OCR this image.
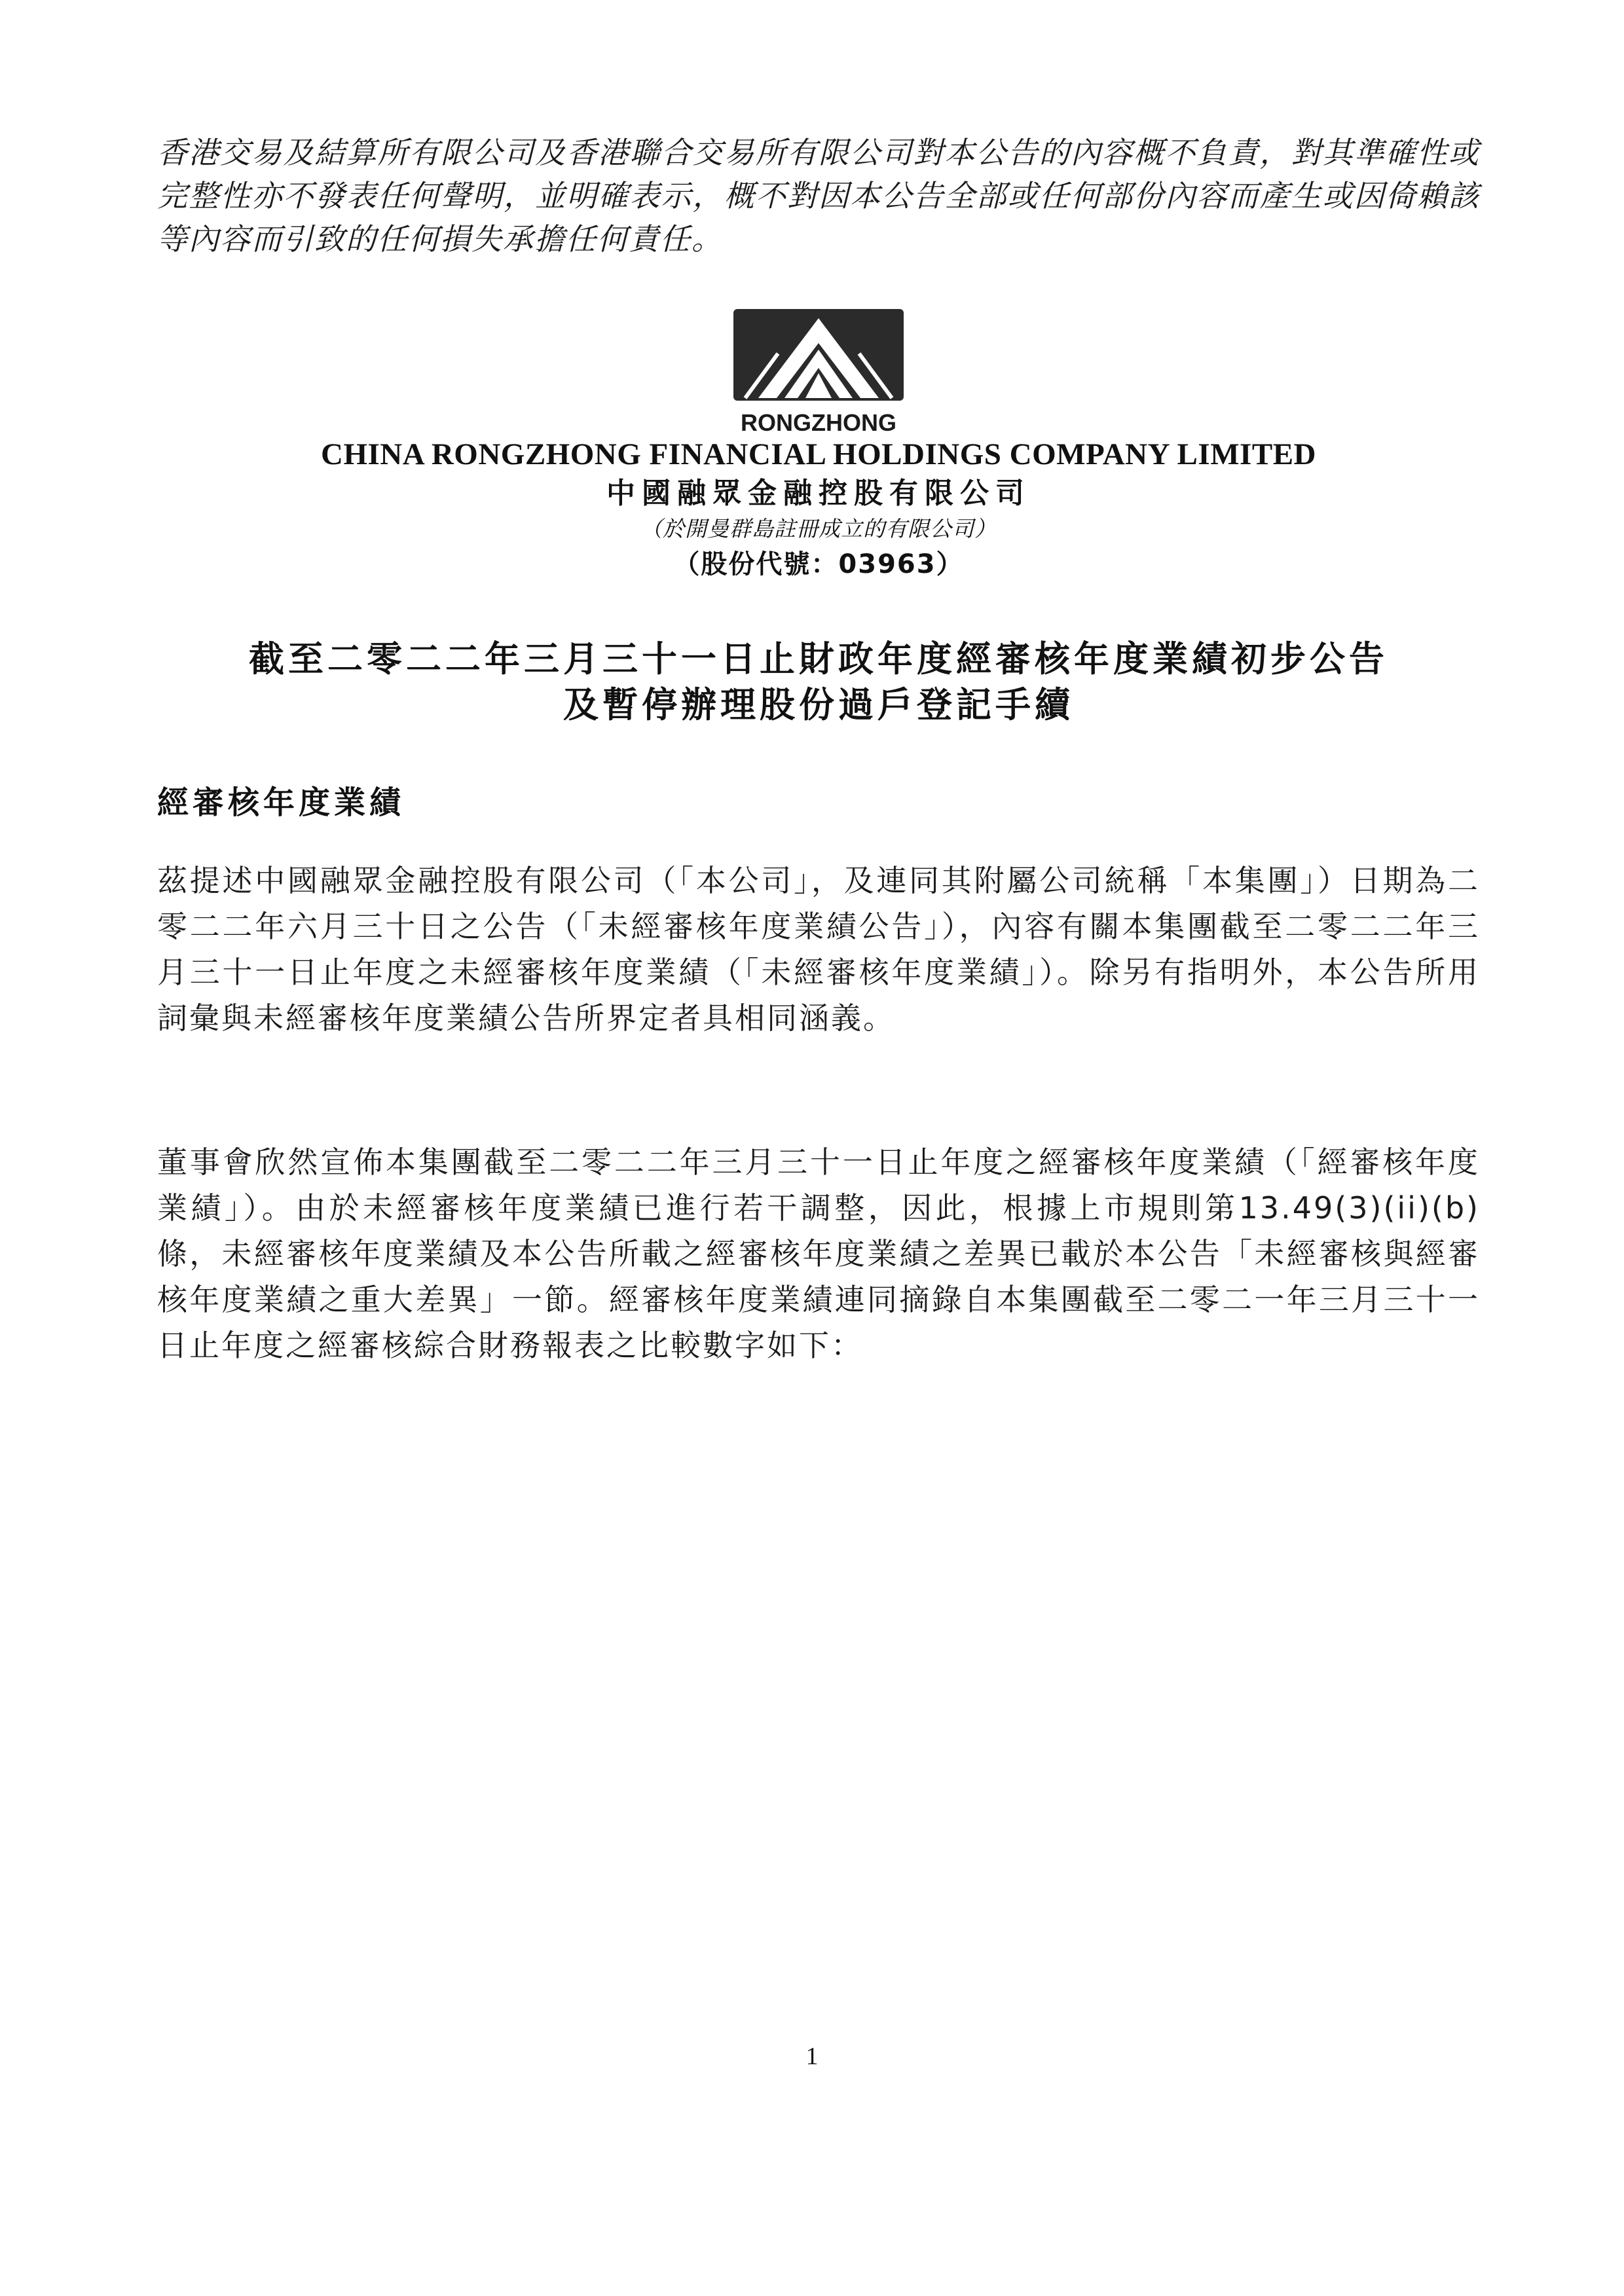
香港交易及結算所有限公司及香港聯合交易所有限公司對本公告的內容概不負責，對其準確性或完整性亦不發表任何聲明，並明確表示，概不對因本公告全部或任何部份內容而產生或因倚賴該等內容而引致的任何損失承擔任何責任。
RONGZHONG
CHINA RONGZHONG FINANCIAL HOLDINGS COMPANY LIMITED
中國融眾金融控股有限公司
（於開曼群島註冊成立的有限公司）
（股份代號：03963）
截至二零二二年三月三十一日止財政年度經審核年度業績初步公告
及暫停辦理股份過戶登記手續
經審核年度業績
茲提述中國融眾金融控股有限公司（「本公司」，及連同其附屬公司統稱「本集團」）日期為二零二二年六月三十日之公告（「未經審核年度業績公告」），內容有關本集團截至二零二二年三月三十一日止年度之未經審核年度業績（「未經審核年度業績」）。除另有指明外，本公告所用詞彙與未經審核年度業績公告所界定者具相同涵義。
董事會欣然宣佈本集團截至二零二二年三月三十一日止年度之經審核年度業績（「經審核年度業績」）。由於未經審核年度業績已進行若干調整，因此，根據上市規則第13.49(3)(ii)(b)條，未經審核年度業績及本公告所載之經審核年度業績之差異已載於本公告「未經審核與經審核年度業績之重大差異」一節。經審核年度業績連同摘錄自本集團截至二零二一年三月三十一日止年度之經審核綜合財務報表之比較數字如下：
1
